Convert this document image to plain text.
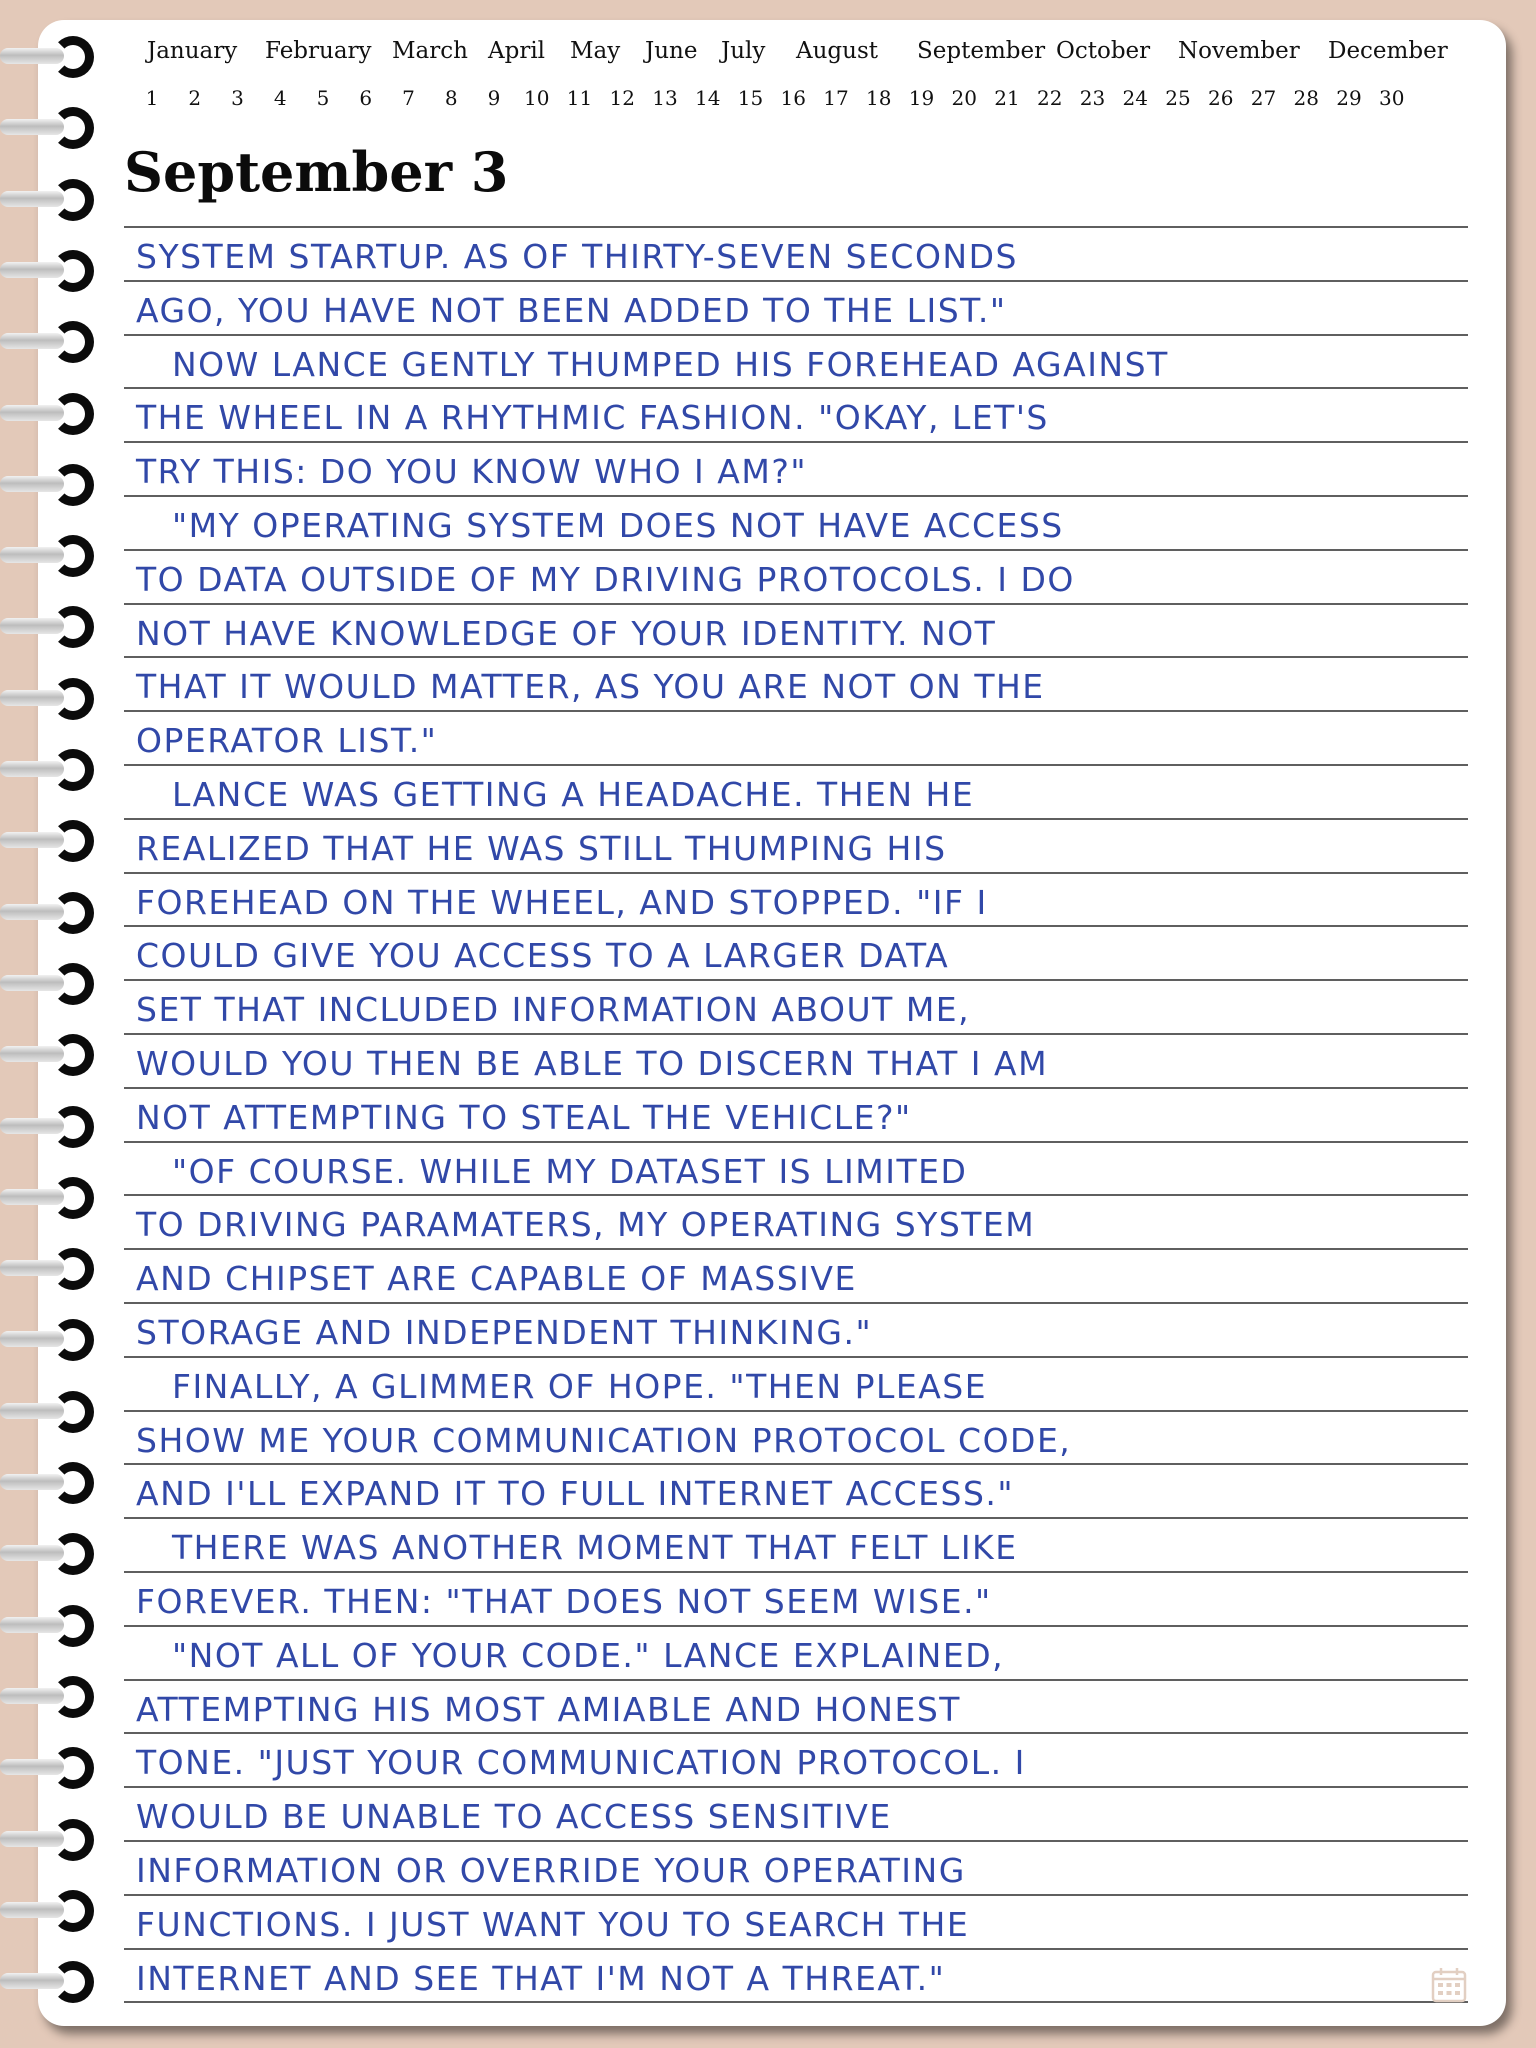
January February March April May June July August September October November December
1	2	3	4	5	6	7	8	9	10 11 12 13 14 15 16 17 18 19 20 21 22 23 24 25 26 27 28 29 30
September 3
SYSTEM STARTUP. AS OF THIRTY-SEVEN SECONDS
AGO, YOU HAVE NOT BEEN ADDED TO THE LIST."
NOW LANCE GENTLY THUMPED HIS FOREHEAD AGAINST
THE WHEEL IN A RHYTHMIC FASHION. "OKAY, LET'S
TRY THIS: DO YOU KNOW WHO I AM?"
"MY OPERATING SYSTEM DOES NOT HAVE ACCESS
TO DATA OUTSIDE OF MY DRIVING PROTOCOLS. I DO
NOT HAVE KNOWLEDGE OF YOUR IDENTITY. NOT
THAT IT WOULD MATTER, AS YOU ARE NOT ON THE
OPERATOR LIST."
LANCE WAS GETTING A HEADACHE. THEN HE
REALIZED THAT HE WAS STILL THUMPING HIS
FOREHEAD ON THE WHEEL, AND STOPPED. "IF I
COULD GIVE YOU ACCESS TO A LARGER DATA
SET THAT INCLUDED INFORMATION ABOUT ME,
WOULD YOU THEN BE ABLE TO DISCERN THAT I AM
NOT ATTEMPTING TO STEAL THE VEHICLE?"
"OF COURSE. WHILE MY DATASET IS LIMITED
TO DRIVING PARAMATERS, MY OPERATING SYSTEM
AND CHIPSET ARE CAPABLE OF MASSIVE
STORAGE AND INDEPENDENT THINKING."
FINALLY, A GLIMMER OF HOPE. "THEN PLEASE
SHOW ME YOUR COMMUNICATION PROTOCOL CODE,
AND I'LL EXPAND IT TO FULL INTERNET ACCESS."
THERE WAS ANOTHER MOMENT THAT FELT LIKE
FOREVER. THEN: "THAT DOES NOT SEEM WISE."
"NOT ALL OF YOUR CODE." LANCE EXPLAINED,
ATTEMPTING HIS MOST AMIABLE AND HONEST
TONE. "JUST YOUR COMMUNICATION PROTOCOL. I
WOULD BE UNABLE TO ACCESS SENSITIVE
INFORMATION OR OVERRIDE YOUR OPERATING
FUNCTIONS. I JUST WANT YOU TO SEARCH THE
INTERNET AND SEE THAT I'M NOT A THREAT."
